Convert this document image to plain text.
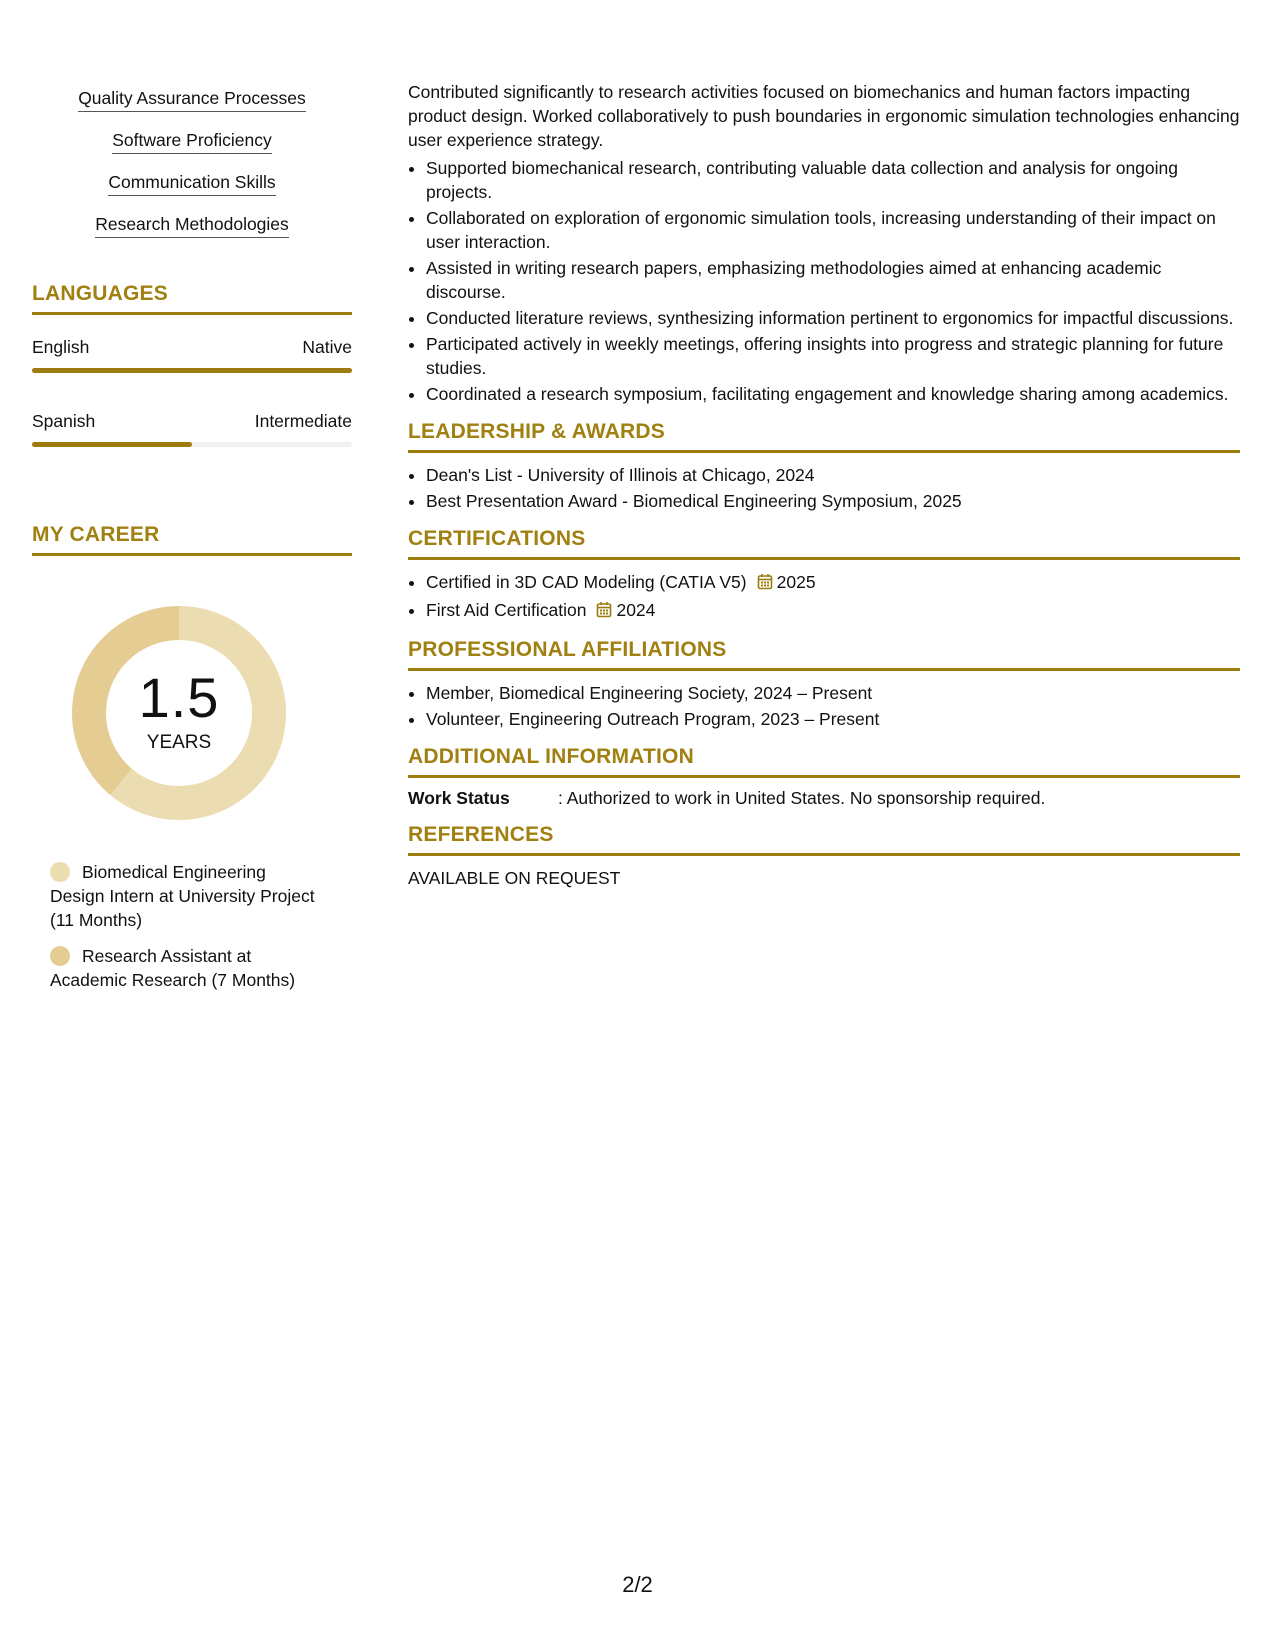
Quality Assurance Processes
Software Proficiency
Communication Skills
Research Methodologies
LANGUAGES
English	Native
Spanish	Intermediate
MY CAREER
1.5
YEARS
Biomedical Engineering Design Intern at University Project (11 Months)
Research Assistant at Academic Research (7 Months)

Contributed significantly to research activities focused on biomechanics and human factors impacting product design. Worked collaboratively to push boundaries in ergonomic simulation technologies enhancing user experience strategy.

• Supported biomechanical research, contributing valuable data collection and analysis for ongoing projects.
• Collaborated on exploration of ergonomic simulation tools, increasing understanding of their impact on user interaction.
• Assisted in writing research papers, emphasizing methodologies aimed at enhancing academic discourse.
• Conducted literature reviews, synthesizing information pertinent to ergonomics for impactful discussions.
• Participated actively in weekly meetings, offering insights into progress and strategic planning for future studies.
• Coordinated a research symposium, facilitating engagement and knowledge sharing among academics.
LEADERSHIP & AWARDS
• Dean's List - University of Illinois at Chicago, 2024
• Best Presentation Award - Biomedical Engineering Symposium, 2025
CERTIFICATIONS
• Certified in 3D CAD Modeling (CATIA V5) 2025
• First Aid Certification 2024
PROFESSIONAL AFFILIATIONS
• Member, Biomedical Engineering Society, 2024 – Present
• Volunteer, Engineering Outreach Program, 2023 – Present
ADDITIONAL INFORMATION
Work Status	: Authorized to work in United States. No sponsorship required.
REFERENCES
AVAILABLE ON REQUEST
2/2
